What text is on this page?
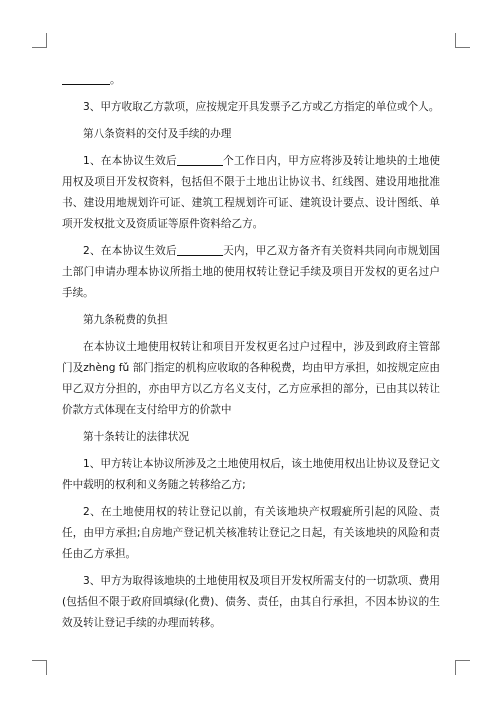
。

3、甲方收取乙方款项，应按规定开具发票予乙方或乙方指定的单位或个人。

第八条资料的交付及手续的办理

1、在本协议生效后	个工作日内，甲方应将涉及转让地块的土地使用权及项目开发权资料，包括但不限于土地出让协议书、红线图、建设用地批准书、建设用地规划许可证、建筑工程规划许可证、建筑设计要点、设计图纸、单项开发权批文及资质证等原件资料给乙方。

2、在本协议生效后	天内，甲乙双方备齐有关资料共同向市规划国土部门申请办理本协议所指土地的使用权转让登记手续及项目开发权的更名过户手续。

第九条税费的负担

在本协议土地使用权转让和项目开发权更名过户过程中，涉及到政府主管部门及zhèng fǔ 部门指定的机构应收取的各种税费，均由甲方承担，如按规定应由甲乙双方分担的，亦由甲方以乙方名义支付，乙方应承担的部分，已由其以转让价款方式体现在支付给甲方的价款中

第十条转让的法律状况

1、甲方转让本协议所涉及之土地使用权后，该土地使用权出让协议及登记文件中载明的权利和义务随之转移给乙方;

2、在土地使用权的转让登记以前，有关该地块产权瑕疵所引起的风险、责任，由甲方承担;自房地产登记机关核准转让登记之日起，有关该地块的风险和责任由乙方承担。

3、甲方为取得该地块的土地使用权及项目开发权所需支付的一切款项、费用(包括但不限于政府回填绿(化费)、债务、责任，由其自行承担，不因本协议的生效及转让登记手续的办理而转移。
